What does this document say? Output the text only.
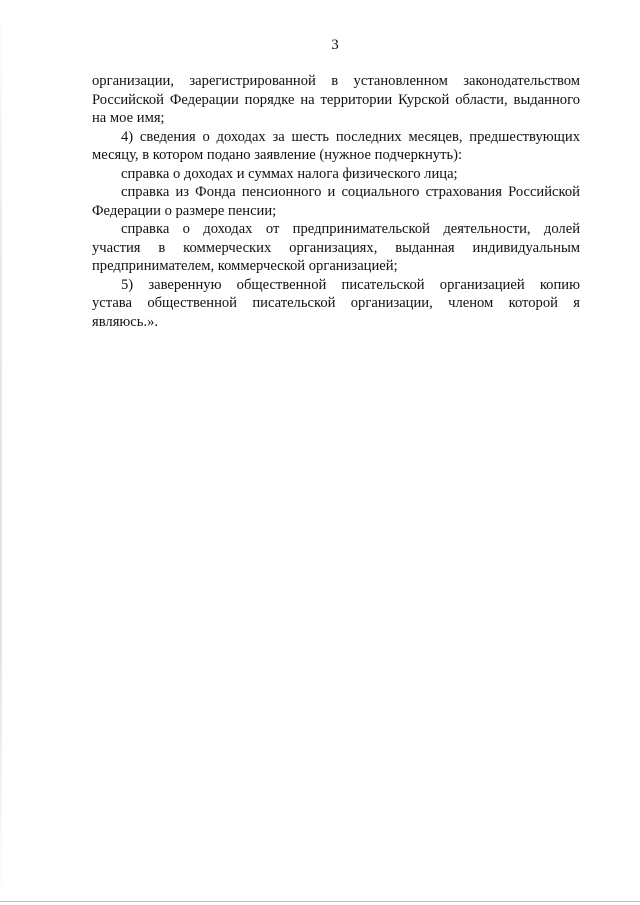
3
организации, зарегистрированной в установленном законодательством
Российской Федерации порядке на территории Курской области, выданного
на мое имя;
4) сведения о доходах за шесть последних месяцев, предшествующих
месяцу, в котором подано заявление (нужное подчеркнуть):
справка о доходах и суммах налога физического лица;
справка из Фонда пенсионного и социального страхования Российской
Федерации о размере пенсии;
справка о доходах от предпринимательской деятельности, долей
участия в коммерческих организациях, выданная индивидуальным
предпринимателем, коммерческой организацией;
5) заверенную общественной писательской организацией копию
устава общественной писательской организации, членом которой я
являюсь.».
